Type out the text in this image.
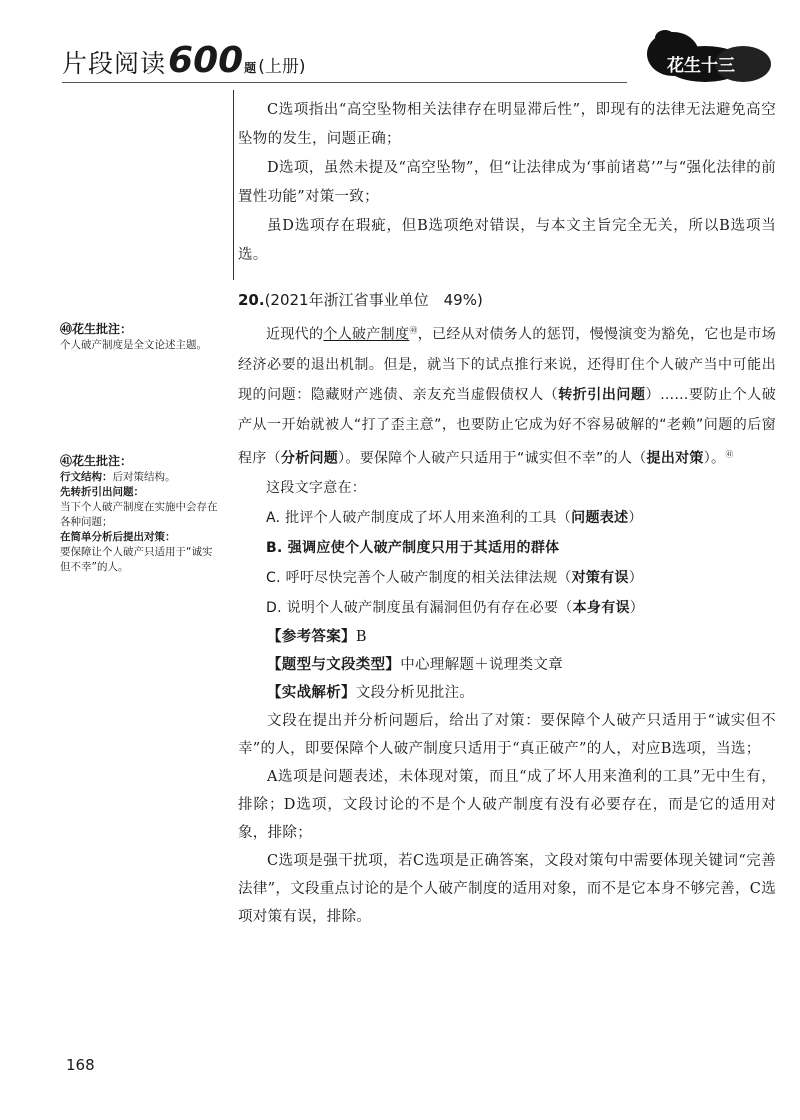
片段阅读 600 题 (上册)	花生十三

C选项指出“高空坠物相关法律存在明显滞后性”，即现有的法律无法避免高空坠物的发生，问题正确；

D选项，虽然未提及“高空坠物”，但“让法律成为‘事前诸葛’”与“强化法律的前置性功能”对策一致；

虽D选项存在瑕疵，但B选项绝对错误，与本文主旨完全无关，所以B选项当选。

20.(2021年浙江省事业单位　49%)

近现代的个人破产制度$^㊵$，已经从对债务人的惩罚，慢慢演变为豁免，它也是市场经济必要的退出机制。但是，就当下的试点推行来说，还得盯住个人破产当中可能出现的问题：隐藏财产逃债、亲友充当虚假债权人（转折引出问题）……要防止个人破产从一开始就被人“打了歪主意”，也要防止它成为好不容易破解的“老赖”问题的后窗程序（分析问题）。要保障个人破产只适用于“诚实但不幸”的人（提出对策）。$^㊶$

这段文字意在：

A. 批评个人破产制度成了坏人用来渔利的工具（问题表述）

B. 强调应使个人破产制度只用于其适用的群体

C. 呼吁尽快完善个人破产制度的相关法律法规（对策有误）

D. 说明个人破产制度虽有漏洞但仍有存在必要（本身有误）

【参考答案】B

【题型与文段类型】中心理解题＋说理类文章

【实战解析】文段分析见批注。

文段在提出并分析问题后，给出了对策：要保障个人破产只适用于“诚实但不幸”的人，即要保障个人破产制度只适用于“真正破产”的人，对应B选项，当选；

A选项是问题表述，未体现对策，而且“成了坏人用来渔利的工具”无中生有，排除；D选项，文段讨论的不是个人破产制度有没有必要存在，而是它的适用对象，排除；

C选项是强干扰项，若C选项是正确答案，文段对策句中需要体现关键词“完善法律”，文段重点讨论的是个人破产制度的适用对象，而不是它本身不够完善，C选项对策有误，排除。

㊵花生批注：
个人破产制度是全文论述主题。
㊶花生批注：
行文结构：后对策结构。
先转折引出问题：
当下个人破产制度在实施中会存在各种问题；
在简单分析后提出对策：
要保障让个人破产只适用于“诚实但不幸”的人。
168
